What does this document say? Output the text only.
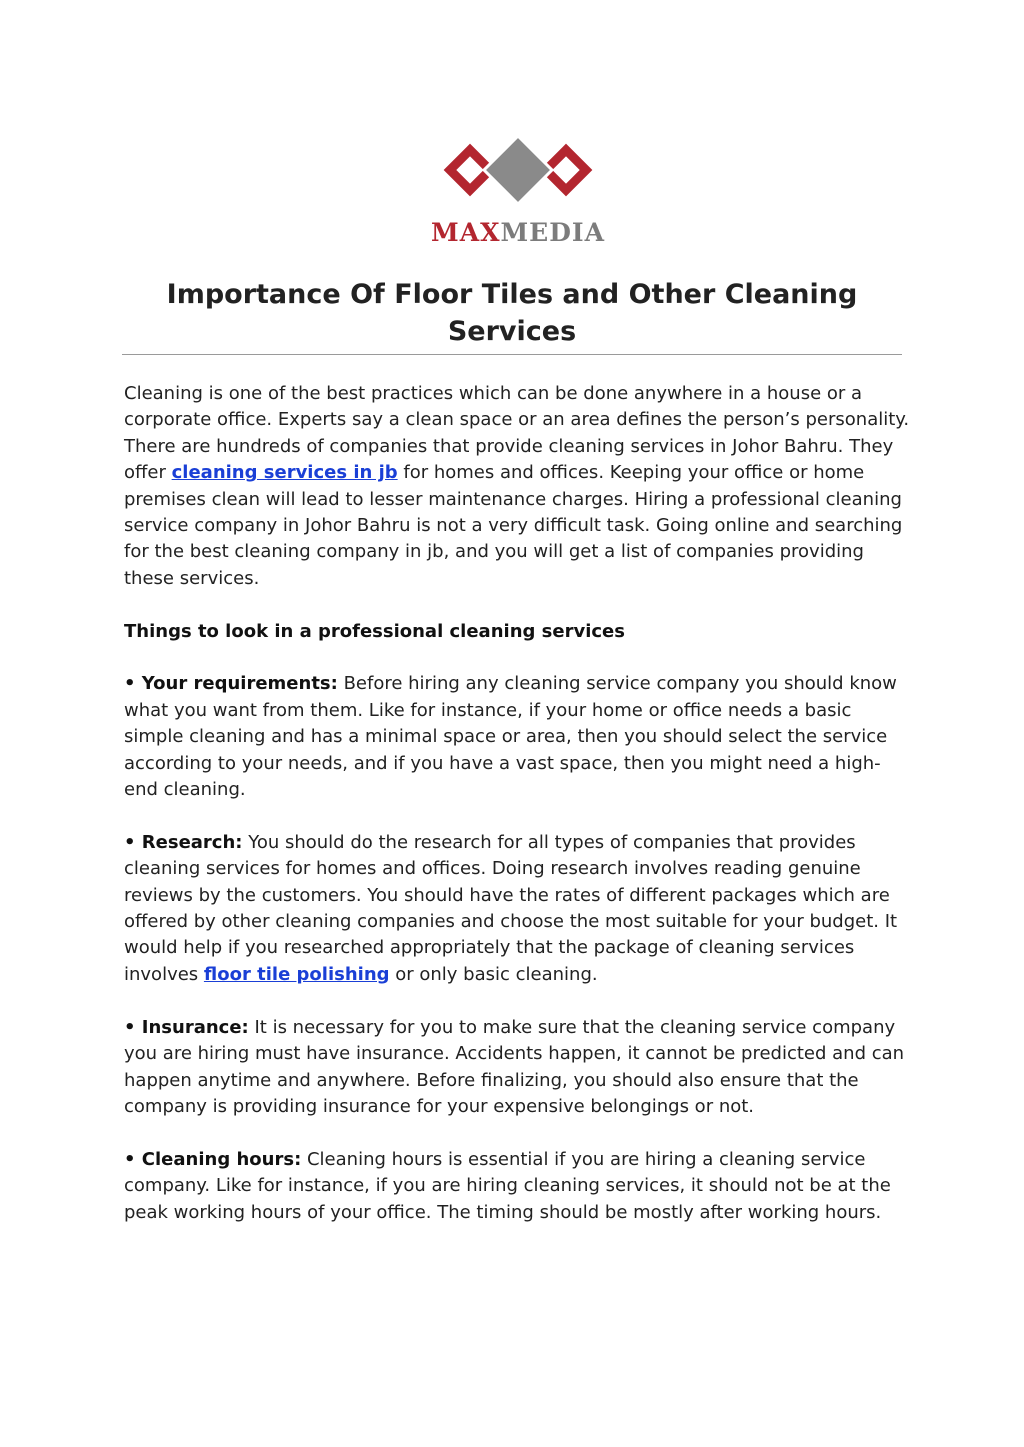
MAXMEDIA
Importance Of Floor Tiles and Other Cleaning Services

Cleaning is one of the best practices which can be done anywhere in a house or a corporate office. Experts say a clean space or an area defines the person’s personality. There are hundreds of companies that provide cleaning services in Johor Bahru. They offer cleaning services in jb for homes and offices. Keeping your office or home premises clean will lead to lesser maintenance charges. Hiring a professional cleaning service company in Johor Bahru is not a very difficult task. Going online and searching for the best cleaning company in jb, and you will get a list of companies providing these services.

Things to look in a professional cleaning services

• Your requirements: Before hiring any cleaning service company you should know what you want from them. Like for instance, if your home or office needs a basic simple cleaning and has a minimal space or area, then you should select the service according to your needs, and if you have a vast space, then you might need a high-end cleaning.

• Research: You should do the research for all types of companies that provides cleaning services for homes and offices. Doing research involves reading genuine reviews by the customers. You should have the rates of different packages which are offered by other cleaning companies and choose the most suitable for your budget. It would help if you researched appropriately that the package of cleaning services involves floor tile polishing or only basic cleaning.

• Insurance: It is necessary for you to make sure that the cleaning service company you are hiring must have insurance. Accidents happen, it cannot be predicted and can happen anytime and anywhere. Before finalizing, you should also ensure that the company is providing insurance for your expensive belongings or not.

• Cleaning hours: Cleaning hours is essential if you are hiring a cleaning service company. Like for instance, if you are hiring cleaning services, it should not be at the peak working hours of your office. The timing should be mostly after working hours.
